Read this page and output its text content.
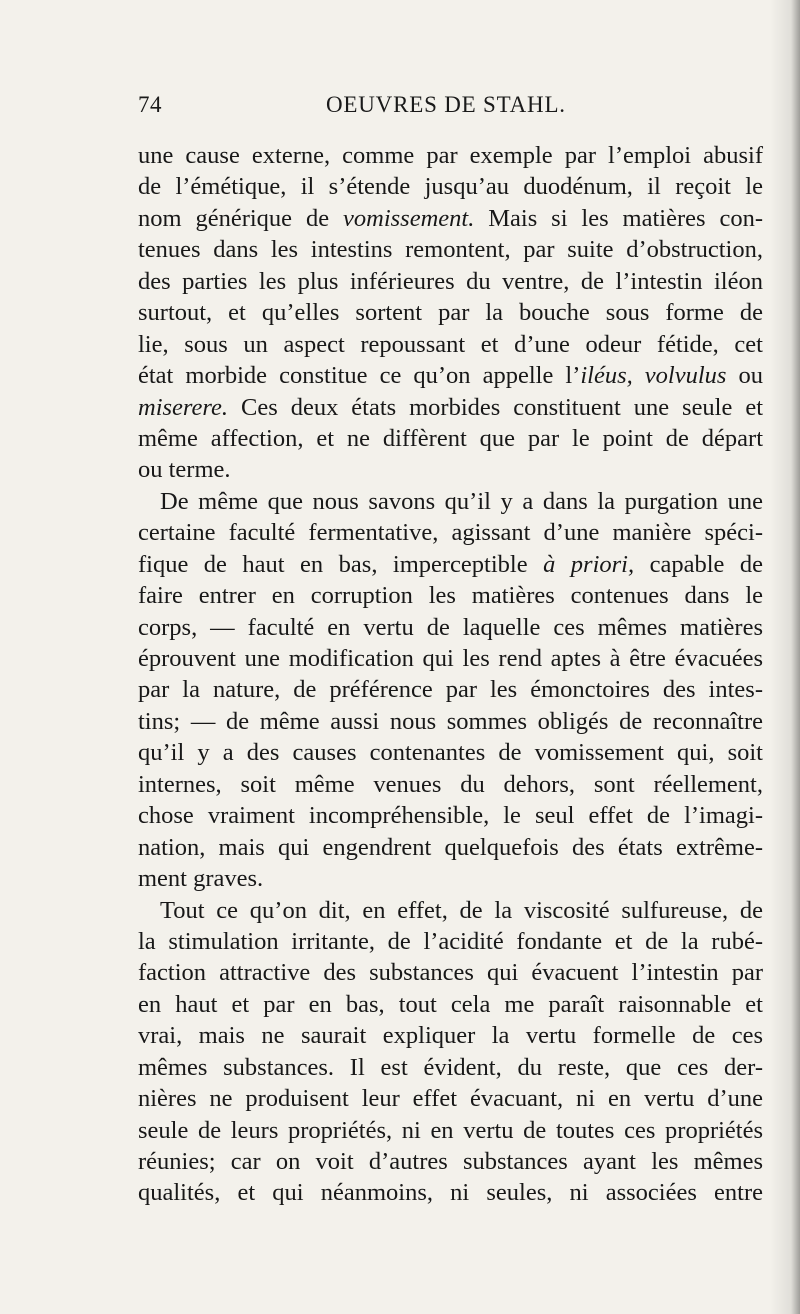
74	OEUVRES DE STAHL.
une cause externe, comme par exemple par l’emploi abusif
de l’émétique, il s’étende jusqu’au duodénum, il reçoit le
nom générique de vomissement. Mais si les matières con-
tenues dans les intestins remontent, par suite d’obstruction,
des parties les plus inférieures du ventre, de l’intestin iléon
surtout, et qu’elles sortent par la bouche sous forme de
lie, sous un aspect repoussant et d’une odeur fétide, cet
état morbide constitue ce qu’on appelle l’iléus, volvulus ou
miserere. Ces deux états morbides constituent une seule et
même affection, et ne diffèrent que par le point de départ
ou terme.
De même que nous savons qu’il y a dans la purgation une
certaine faculté fermentative, agissant d’une manière spéci-
fique de haut en bas, imperceptible à priori, capable de
faire entrer en corruption les matières contenues dans le
corps, — faculté en vertu de laquelle ces mêmes matières
éprouvent une modification qui les rend aptes à être évacuées
par la nature, de préférence par les émonctoires des intes-
tins; — de même aussi nous sommes obligés de reconnaître
qu’il y a des causes contenantes de vomissement qui, soit
internes, soit même venues du dehors, sont réellement,
chose vraiment incompréhensible, le seul effet de l’imagi-
nation, mais qui engendrent quelquefois des états extrême-
ment graves.
Tout ce qu’on dit, en effet, de la viscosité sulfureuse, de
la stimulation irritante, de l’acidité fondante et de la rubé-
faction attractive des substances qui évacuent l’intestin par
en haut et par en bas, tout cela me paraît raisonnable et
vrai, mais ne saurait expliquer la vertu formelle de ces
mêmes substances. Il est évident, du reste, que ces der-
nières ne produisent leur effet évacuant, ni en vertu d’une
seule de leurs propriétés, ni en vertu de toutes ces propriétés
réunies; car on voit d’autres substances ayant les mêmes
qualités, et qui néanmoins, ni seules, ni associées entre
